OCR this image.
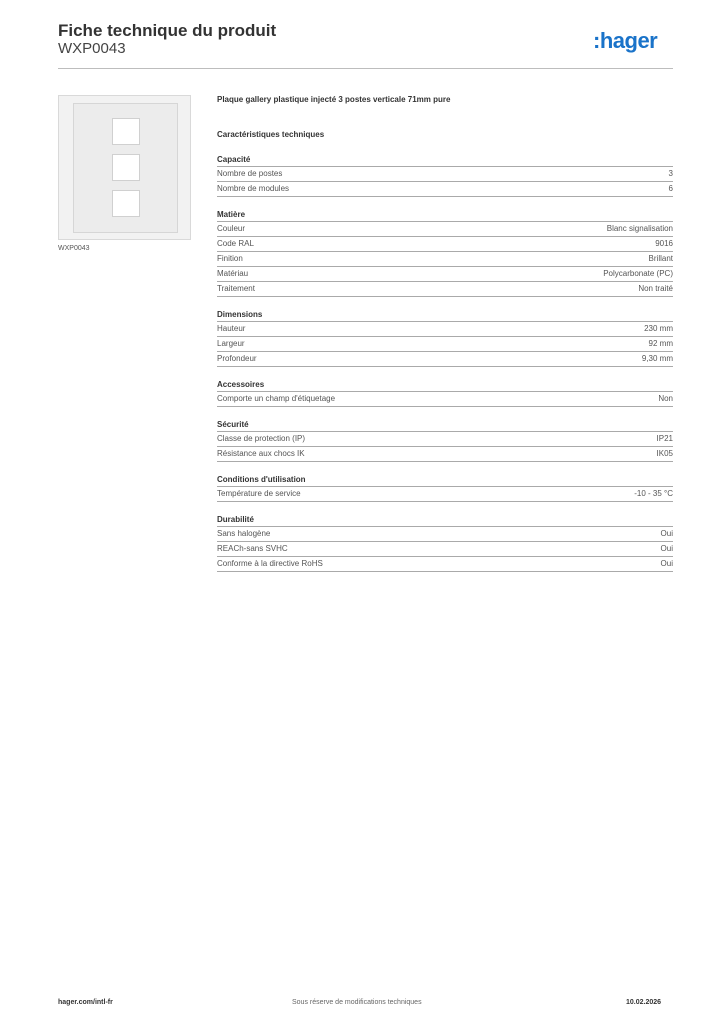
Fiche technique du produit
WXP0043	:hager
WXP0043
Plaque gallery plastique injecté 3 postes verticale 71mm pure
Caractéristiques techniques
Capacité
Nombre de postes	3
Nombre de modules	6
Matière
Couleur	Blanc signalisation
Code RAL	9016
Finition	Brillant
Matériau	Polycarbonate (PC)
Traitement	Non traité
Dimensions
Hauteur	230 mm
Largeur	92 mm
Profondeur	9,30 mm
Accessoires
Comporte un champ d'étiquetage	Non
Sécurité
Classe de protection (IP)	IP21
Résistance aux chocs IK	IK05
Conditions d'utilisation
Température de service	-10 - 35 °C
Durabilité
Sans halogène	Oui
REACh-sans SVHC	Oui
Conforme à la directive RoHS	Oui
hager.com/intl-fr	Sous réserve de modifications techniques	10.02.2026
